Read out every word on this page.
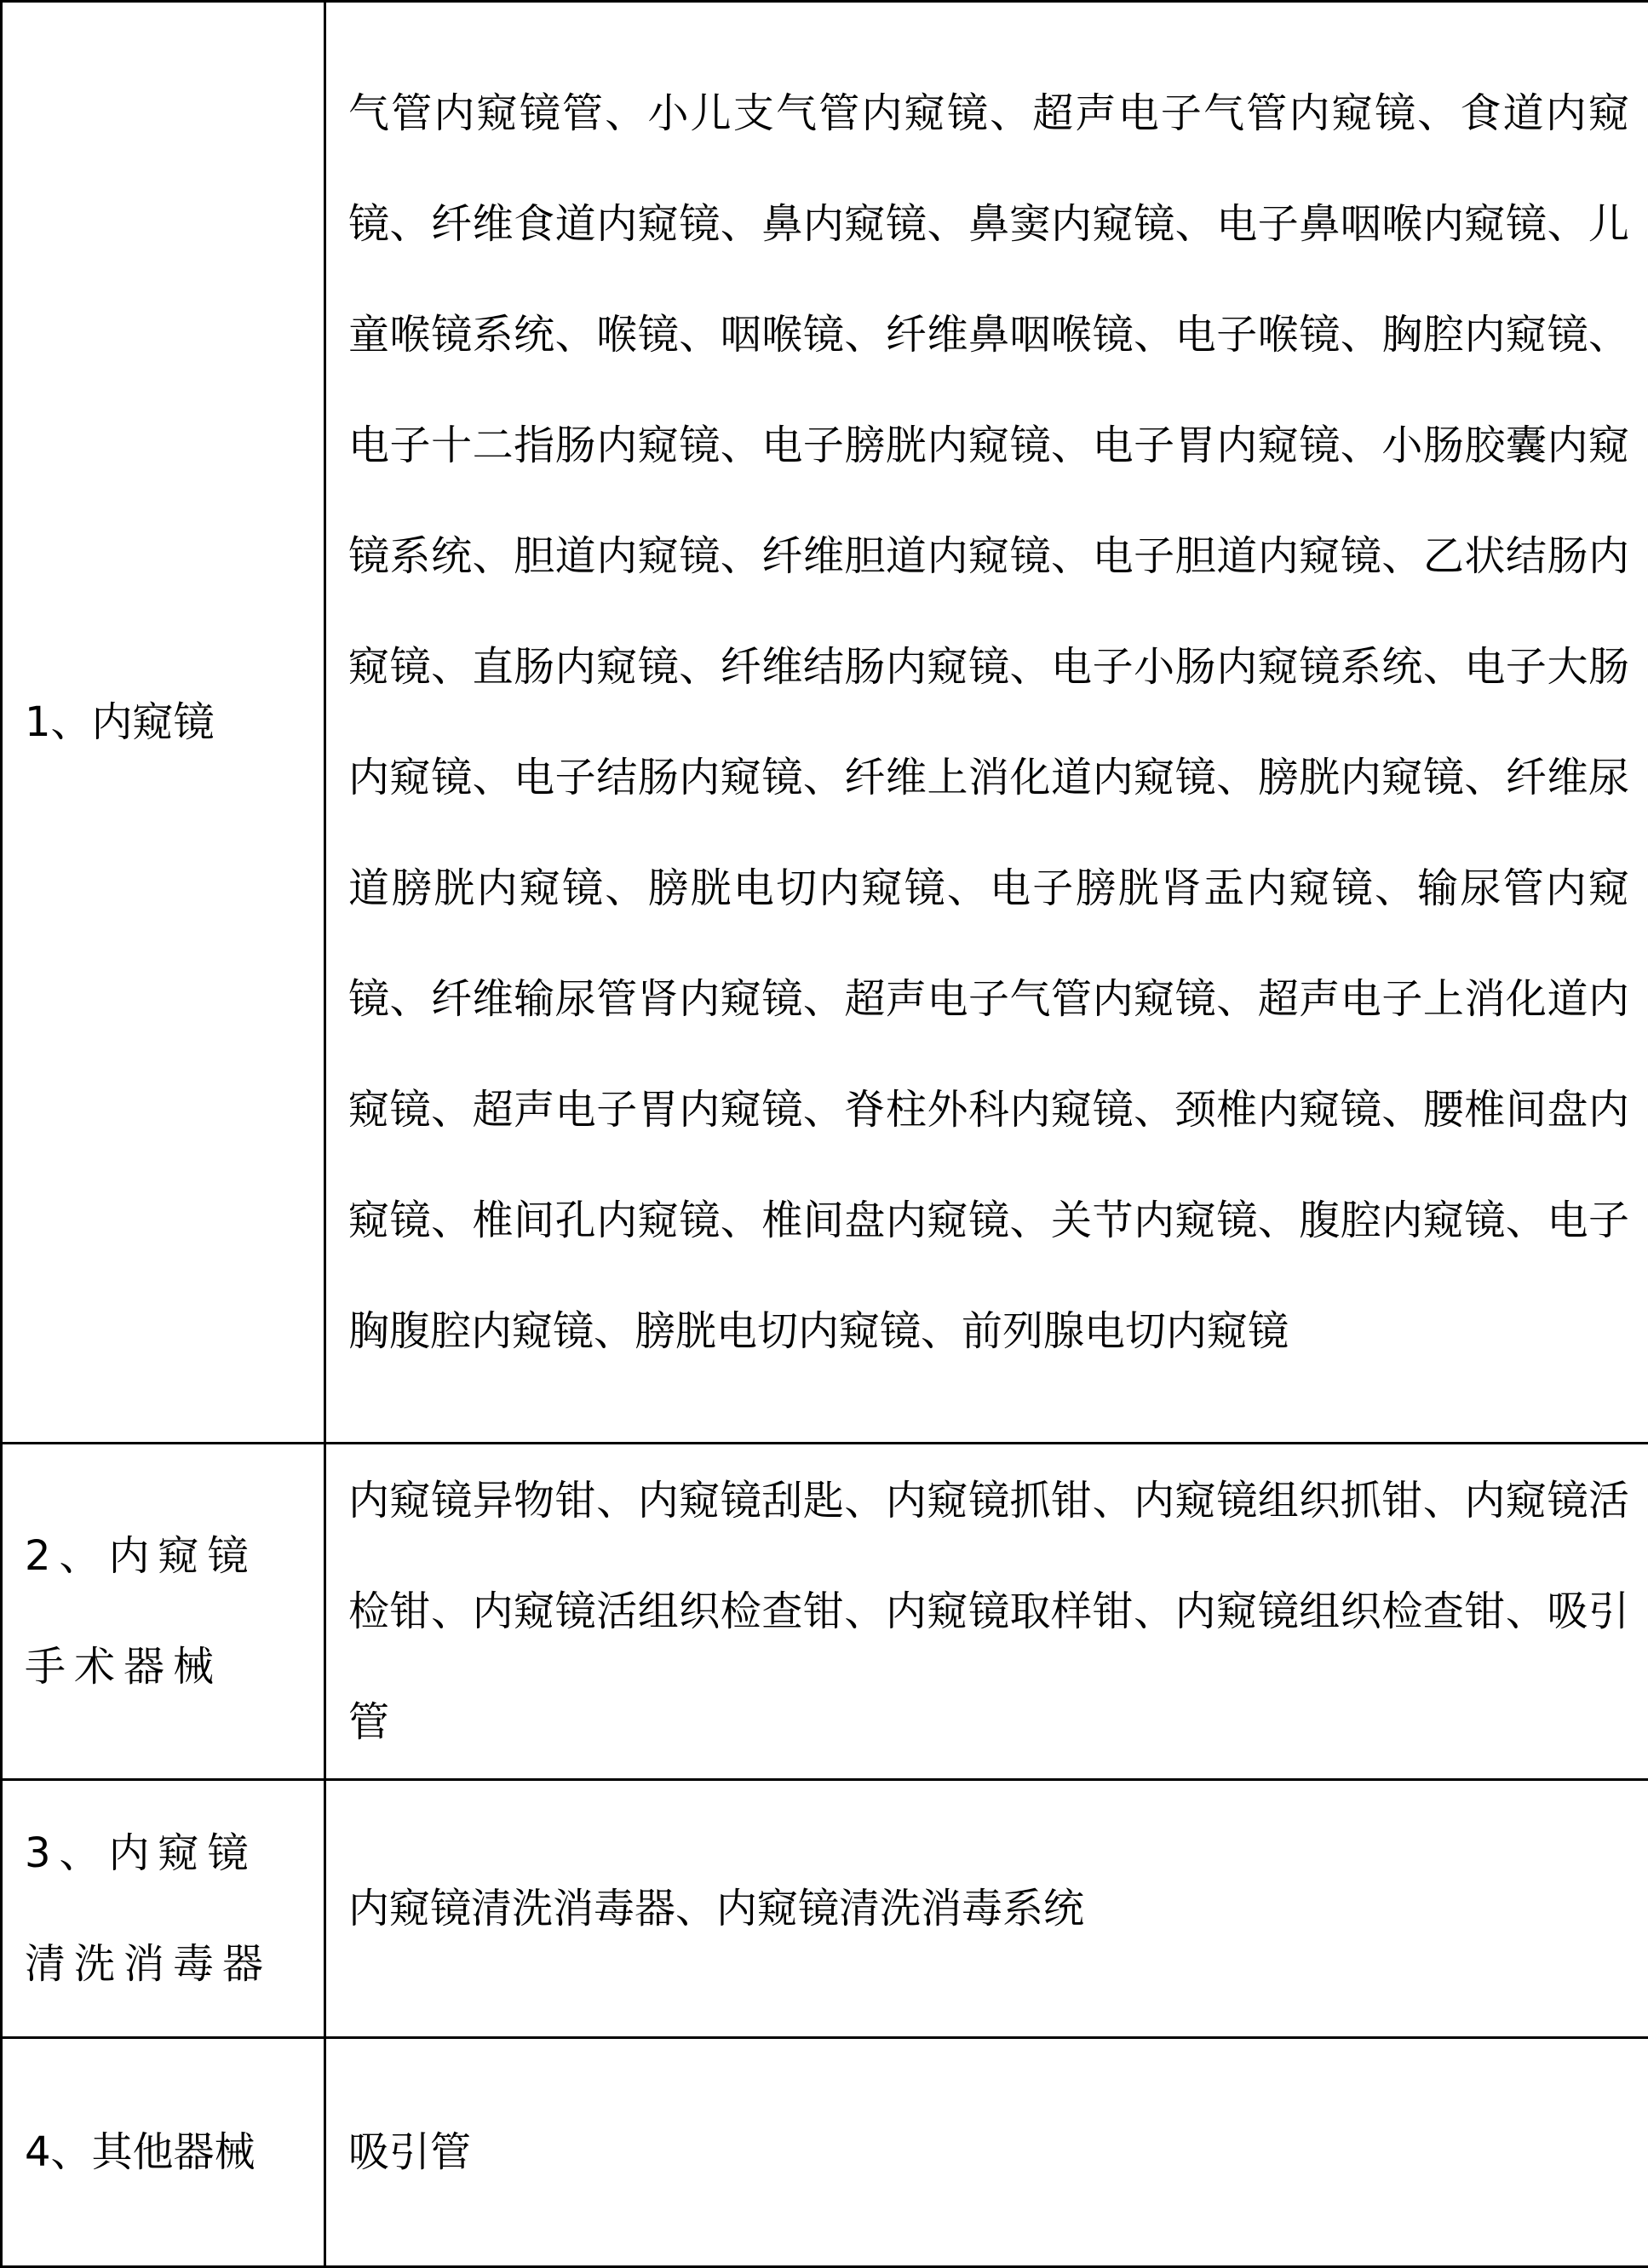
1、内窥镜	气管内窥镜管、小儿支气管内窥镜、超声电子气管内窥镜、食道内窥镜、纤维食道内窥镜、鼻内窥镜、鼻窦内窥镜、电子鼻咽喉内窥镜、儿童喉镜系统、喉镜、咽喉镜、纤维鼻咽喉镜、电子喉镜、胸腔内窥镜、电子十二指肠内窥镜、电子膀胱内窥镜、电子胃内窥镜、小肠胶囊内窥镜系统、胆道内窥镜、纤维胆道内窥镜、电子胆道内窥镜、乙状结肠内窥镜、直肠内窥镜、纤维结肠内窥镜、电子小肠内窥镜系统、电子大肠内窥镜、电子结肠内窥镜、纤维上消化道内窥镜、膀胱内窥镜、纤维尿道膀胱内窥镜、膀胱电切内窥镜、电子膀胱肾盂内窥镜、输尿管内窥镜、纤维输尿管肾内窥镜、超声电子气管内窥镜、超声电子上消化道内窥镜、超声电子胃内窥镜、脊柱外科内窥镜、颈椎内窥镜、腰椎间盘内窥镜、椎间孔内窥镜、椎间盘内窥镜、关节内窥镜、腹腔内窥镜、电子胸腹腔内窥镜、膀胱电切内窥镜、前列腺电切内窥镜

2、内窥镜手术器械	内窥镜异物钳、内窥镜刮匙、内窥镜抓钳、内窥镜组织抓钳、内窥镜活检钳、内窥镜活组织检查钳、内窥镜取样钳、内窥镜组织检查钳、吸引管

3、内窥镜清洗消毒器	内窥镜清洗消毒器、内窥镜清洗消毒系统

4、其他器械	吸引管
